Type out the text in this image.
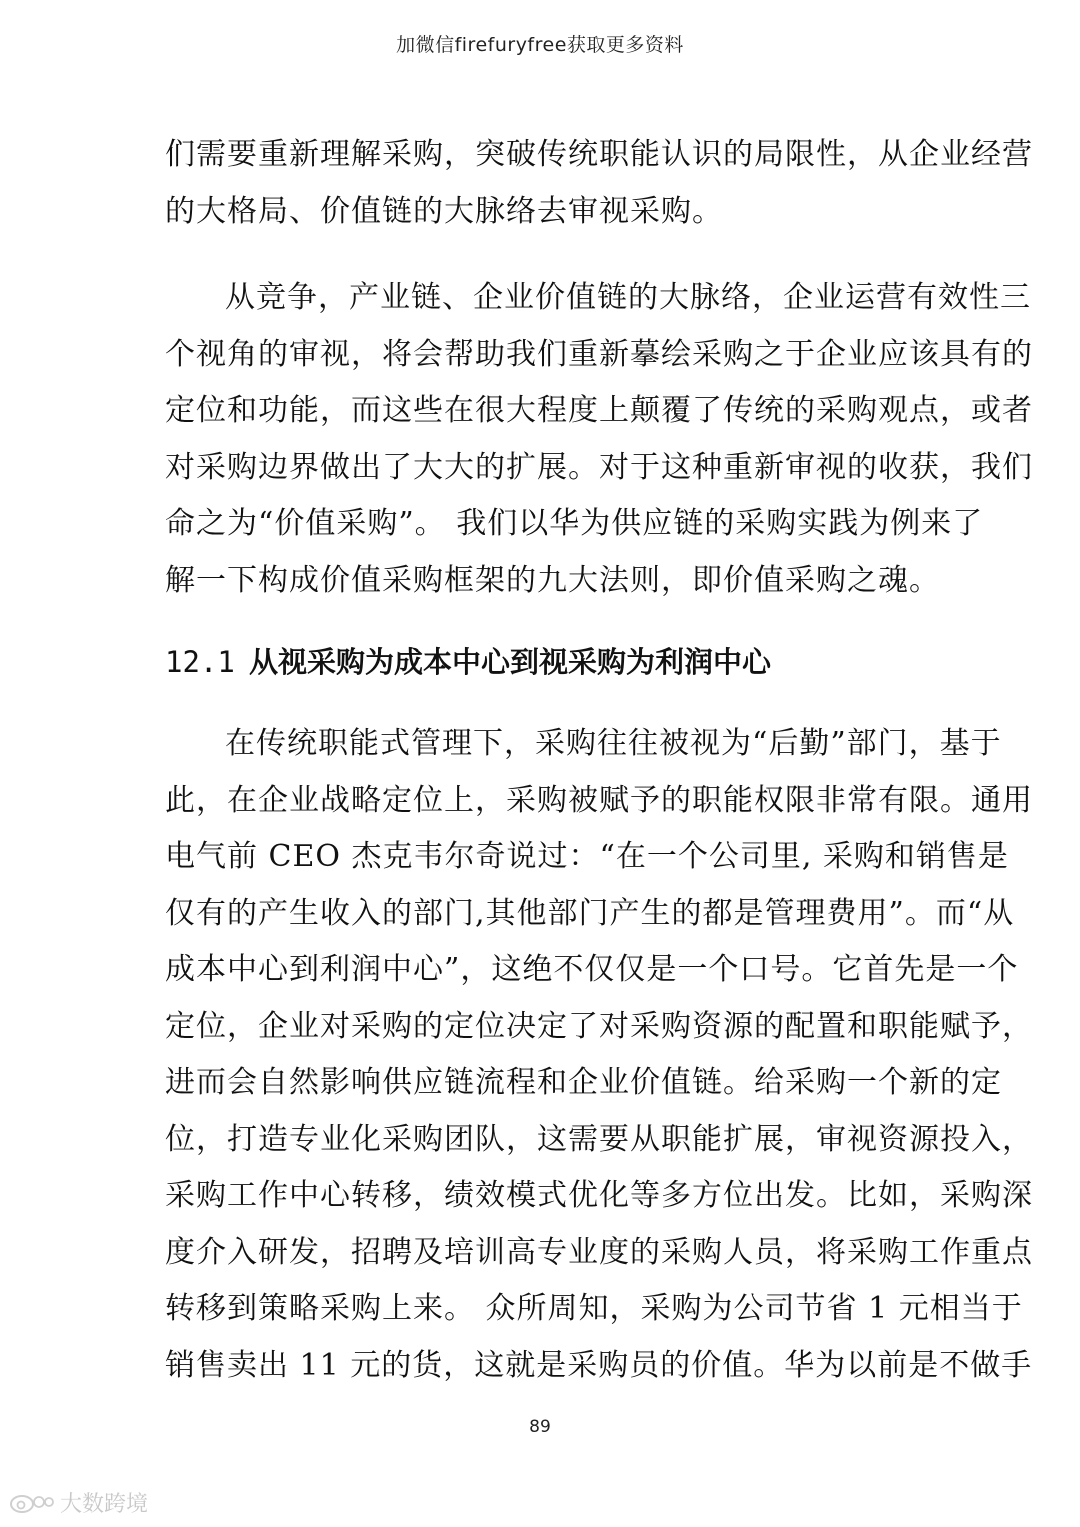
加微信firefuryfree获取更多资料
们需要重新理解采购，突破传统职能认识的局限性，从企业经营
的大格局、价值链的大脉络去审视采购。
从竞争，产业链、企业价值链的大脉络，企业运营有效性三
个视角的审视，将会帮助我们重新摹绘采购之于企业应该具有的
定位和功能，而这些在很大程度上颠覆了传统的采购观点，或者
对采购边界做出了大大的扩展。对于这种重新审视的收获，我们
命之为“价值采购”。 我们以华为供应链的采购实践为例来了
解一下构成价值采购框架的九大法则，即价值采购之魂。
12.1 从视采购为成本中心到视采购为利润中心
在传统职能式管理下，采购往往被视为“后勤”部门，基于
此，在企业战略定位上，采购被赋予的职能权限非常有限。通用
电气前 CEO 杰克韦尔奇说过：“在一个公司里, 采购和销售是
仅有的产生收入的部门,其他部门产生的都是管理费用”。而“从
成本中心到利润中心”，这绝不仅仅是一个口号。它首先是一个
定位，企业对采购的定位决定了对采购资源的配置和职能赋予，
进而会自然影响供应链流程和企业价值链。给采购一个新的定
位，打造专业化采购团队，这需要从职能扩展，审视资源投入，
采购工作中心转移，绩效模式优化等多方位出发。比如，采购深
度介入研发，招聘及培训高专业度的采购人员，将采购工作重点
转移到策略采购上来。 众所周知，采购为公司节省 1 元相当于
销售卖出 11 元的货，这就是采购员的价值。华为以前是不做手
89
大数跨境
